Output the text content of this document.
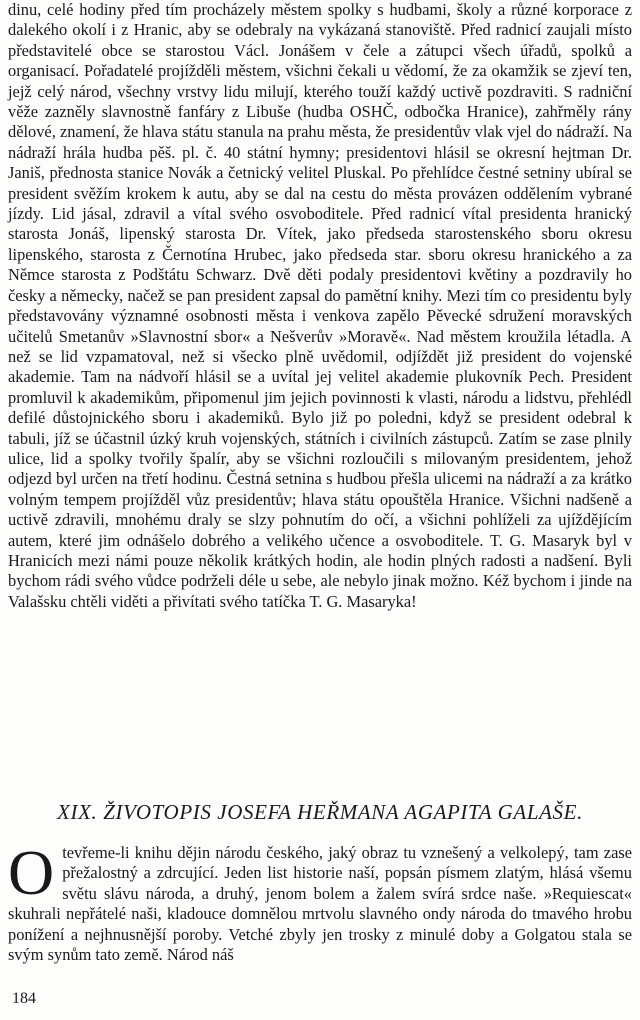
dinu, celé hodiny před tím procházely městem spolky s hudbami, školy a různé korporace z dalekého okolí i z Hranic, aby se odebraly na vykázaná stanoviště. Před radnicí zaujali místo představitelé obce se starostou Václ. Jonášem v čele a zátupci všech úřadů, spolků a organisací. Pořadatelé projížděli městem, všichni čekali u vědomí, že za okamžik se zjeví ten, jejž celý národ, všechny vrstvy lidu milují, kterého touží každý uctivě pozdraviti. S radniční věže zazněly slavnostně fanfáry z Libuše (hudba OSHČ, odbočka Hranice), zahřměly rány dělové, znamení, že hlava státu stanula na prahu města, že presidentův vlak vjel do nádraží. Na nádraží hrála hudba pěš. pl. č. 40 státní hymny; presidentovi hlásil se okresní hejtman Dr. Janiš, přednosta stanice Novák a četnický velitel Pluskal. Po přehlídce čestné setniny ubíral se president svěžím krokem k autu, aby se dal na cestu do města provázen oddělením vybrané jízdy. Lid jásal, zdravil a vítal svého osvoboditele. Před radnicí vítal presidenta hranický starosta Jonáš, lipenský starosta Dr. Vítek, jako předseda starostenského sboru okresu lipenského, starosta z Černotína Hrubec, jako předseda star. sboru okresu hranického a za Němce starosta z Podštátu Schwarz. Dvě děti podaly presidentovi květiny a pozdravily ho česky a německy, načež se pan president zapsal do pamětní knihy. Mezi tím co presidentu byly představovány významné osobnosti města i venkova zapělo Pěvecké sdružení moravských učitelů Smetanův »Slavnostní sbor« a Nešverův »Moravě«. Nad městem kroužila létadla. A než se lid vzpamatoval, než si všecko plně uvědomil, odjíždět již president do vojenské akademie. Tam na nádvoří hlásil se a uvítal jej velitel akademie plukovník Pech. President promluvil k akademikům, připomenul jim jejich povinnosti k vlasti, národu a lidstvu, přehlédl defilé důstojnického sboru i akademiků. Bylo již po poledni, když se president odebral k tabuli, jíž se účastnil úzký kruh vojenských, státních i civilních zástupců. Zatím se zase plnily ulice, lid a spolky tvořily špalír, aby se všichni rozloučili s milovaným presidentem, jehož odjezd byl určen na třetí hodinu. Čestná setnina s hudbou přešla ulicemi na nádraží a za krátko volným tempem projížděl vůz presidentův; hlava státu opouštěla Hranice. Všichni nadšeně a uctivě zdravili, mnohému draly se slzy pohnutím do očí, a všichni pohlíželi za ujíždějícím autem, které jim odnášelo dobrého a velikého učence a osvoboditele. T. G. Masaryk byl v Hranicích mezi námi pouze několik krátkých hodin, ale hodin plných radosti a nadšení. Byli bychom rádi svého vůdce podrželi déle u sebe, ale nebylo jinak možno. Kéž bychom i jinde na Valašsku chtěli viděti a přivítati svého tatíčka T. G. Masaryka!

XIX. ŽIVOTOPIS JOSEFA HEŘMANA AGAPITA GALAŠE.

O tevřeme-li knihu dějin národu českého, jaký obraz tu vznešený a velkolepý, tam zase přežalostný a zdrcující. Jeden list historie naší, popsán písmem zlatým, hlásá všemu světu slávu národa, a druhý, jenom bolem a žalem svírá srdce naše. »Requiescat« skuhrali nepřátelé naši, kladouce domnělou mrtvolu slavného ondy národa do tmavého hrobu ponížení a nejhnusnější poroby. Vetché zbyly jen trosky z minulé doby a Golgatou stala se svým synům tato země. Národ náš

184
